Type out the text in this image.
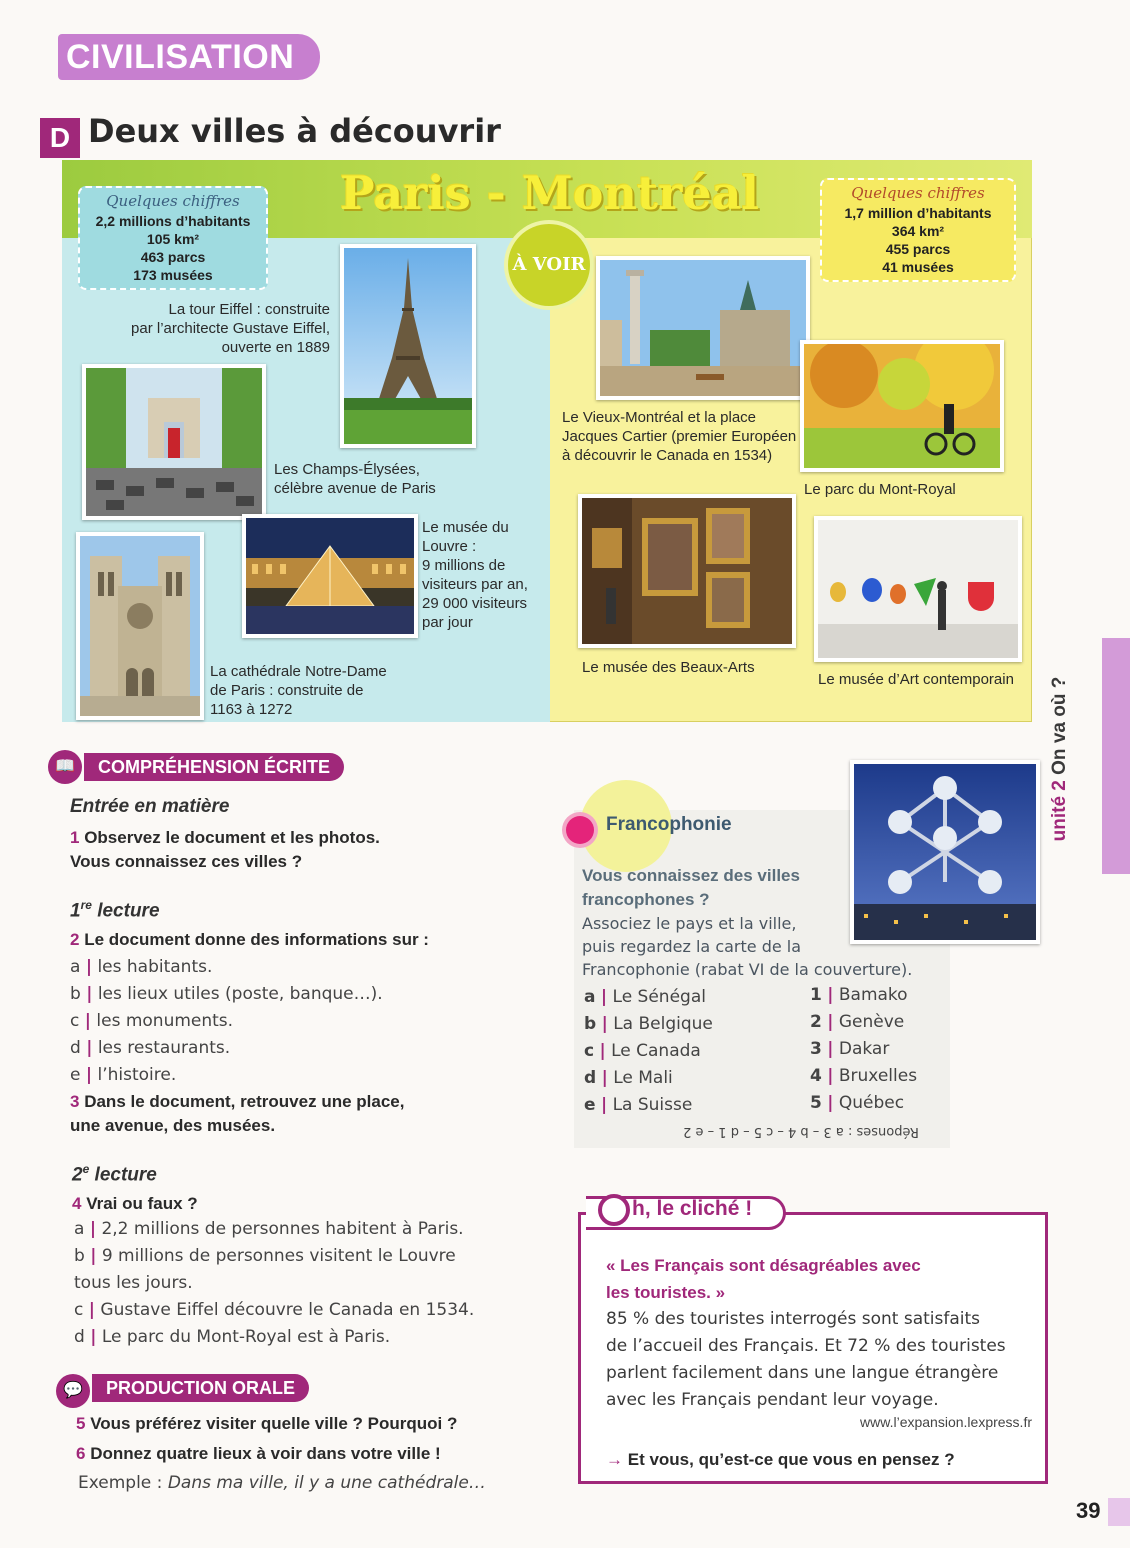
CIVILISATION
D Deux villes à découvrir
Paris - Montréal
Quelques chiffres
2,2 millions d’habitants
105 km²
463 parcs
173 musées
Quelques chiffres
1,7 million d’habitants
364 km²
455 parcs
41 musées
À VOIR
La tour Eiffel : construite
par l’architecte Gustave Eiffel,
ouverte en 1889
Les Champs-Élysées,
célèbre avenue de Paris
Le musée du
Louvre :
9 millions de
visiteurs par an,
29 000 visiteurs
par jour
La cathédrale Notre-Dame
de Paris : construite de
1163 à 1272
Le Vieux-Montréal et la place
Jacques Cartier (premier Européen
à découvrir le Canada en 1534)
Le parc du Mont-Royal
Le musée des Beaux-Arts
Le musée d’Art contemporain
📖	COMPRÉHENSION ÉCRITE
Entrée en matière
1 Observez le document et les photos.
Vous connaissez ces villes ?
1re lecture
2 Le document donne des informations sur :
a | les habitants.
b | les lieux utiles (poste, banque…).
c | les monuments.
d | les restaurants.
e | l’histoire.
3 Dans le document, retrouvez une place,
une avenue, des musées.
2e lecture
4 Vrai ou faux ?
a | 2,2 millions de personnes habitent à Paris.
b | 9 millions de personnes visitent le Louvre
tous les jours.
c | Gustave Eiffel découvre le Canada en 1534.
d | Le parc du Mont-Royal est à Paris.
💬	PRODUCTION ORALE
5 Vous préférez visiter quelle ville ? Pourquoi ?
6 Donnez quatre lieux à voir dans votre ville !
Exemple : Dans ma ville, il y a une cathédrale…
Francophonie
Vous connaissez des villes
francophones ?
Associez le pays et la ville,
puis regardez la carte de la
Francophonie (rabat VI de la couverture).
a | Le Sénégal
b | La Belgique
c | Le Canada
d | Le Mali
e | La Suisse
1 | Bamako
2 | Genève
3 | Dakar
4 | Bruxelles
5 | Québec
Réponses : a 3 – b 4 – c 5 – d 1 – e 2
h, le cliché !
« Les Français sont désagréables avec
les touristes. »
85 % des touristes interrogés sont satisfaits
de l’accueil des Français. Et 72 % des touristes
parlent facilement dans une langue étrangère
avec les Français pendant leur voyage.
www.l’expansion.lexpress.fr
→ Et vous, qu’est-ce que vous en pensez ?
unité 2 On va où ?
39
